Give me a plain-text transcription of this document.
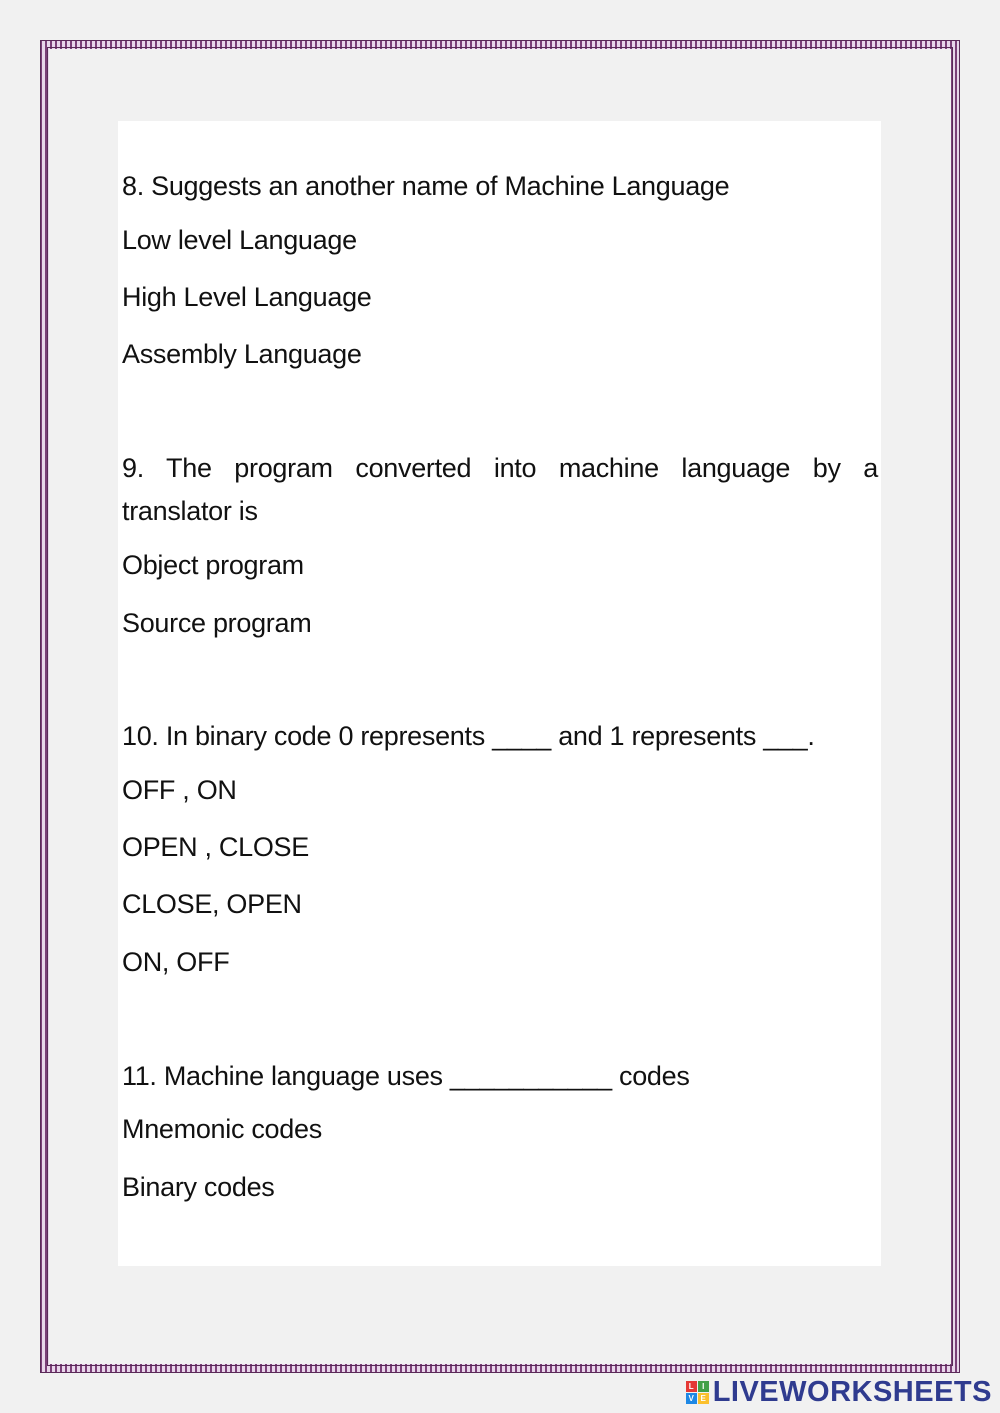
8. Suggests an another name of Machine Language

Low level Language

High Level Language

Assembly Language

9. The program converted into machine language by a

translator is

Object program

Source program

10. In binary code 0 represents ____ and 1 represents ___.

OFF , ON

OPEN , CLOSE

CLOSE, OPEN

ON, OFF

11. Machine language uses ___________ codes

Mnemonic codes

Binary codes

L	I
V E LIVEWORKSHEETS
